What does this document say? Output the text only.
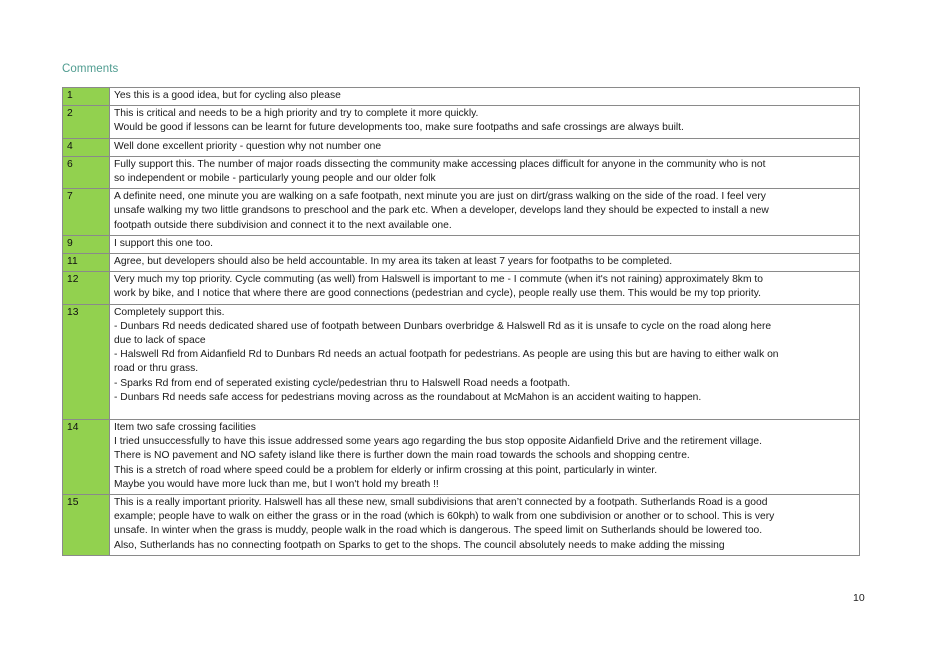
Comments
1	Yes this is a good idea, but for cycling also please

2	This is critical and needs to be a high priority and try to complete it more quickly.
Would be good if lessons can be learnt for future developments too, make sure footpaths and safe crossings are always built.

4	Well done excellent priority - question why not number one

6	Fully support this. The number of major roads dissecting the community make accessing places difficult for anyone in the community who is not
so independent or mobile - particularly young people and our older folk

7	A definite need, one minute you are walking on a safe footpath, next minute you are just on dirt/grass walking on the side of the road. I feel very
unsafe walking my two little grandsons to preschool and the park etc. When a developer, develops land they should be expected to install a new
footpath outside there subdivision and connect it to the next available one.

9	I support this one too.

11	Agree, but developers should also be held accountable. In my area its taken at least 7 years for footpaths to be completed.

12	Very much my top priority. Cycle commuting (as well) from Halswell is important to me - I commute (when it's not raining) approximately 8km to
work by bike, and I notice that where there are good connections (pedestrian and cycle), people really use them. This would be my top priority.

13	Completely support this.
- Dunbars Rd needs dedicated shared use of footpath between Dunbars overbridge & Halswell Rd as it is unsafe to cycle on the road along here
due to lack of space
- Halswell Rd from Aidanfield Rd to Dunbars Rd needs an actual footpath for pedestrians. As people are using this but are having to either walk on
road or thru grass.
- Sparks Rd from end of seperated existing cycle/pedestrian thru to Halswell Road needs a footpath.
- Dunbars Rd needs safe access for pedestrians moving across as the roundabout at McMahon is an accident waiting to happen.

14	Item two safe crossing facilities
I tried unsuccessfully to have this issue addressed some years ago regarding the bus stop opposite Aidanfield Drive and the retirement village.
There is NO pavement and NO safety island like there is further down the main road towards the schools and shopping centre.
This is a stretch of road where speed could be a problem for elderly or infirm crossing at this point, particularly in winter.
Maybe you would have more luck than me, but I won't hold my breath !!

15	This is a really important priority. Halswell has all these new, small subdivisions that aren’t connected by a footpath. Sutherlands Road is a good
example; people have to walk on either the grass or in the road (which is 60kph) to walk from one subdivision or another or to school. This is very
unsafe. In winter when the grass is muddy, people walk in the road which is dangerous. The speed limit on Sutherlands should be lowered too.
Also, Sutherlands has no connecting footpath on Sparks to get to the shops. The council absolutely needs to make adding the missing
10
